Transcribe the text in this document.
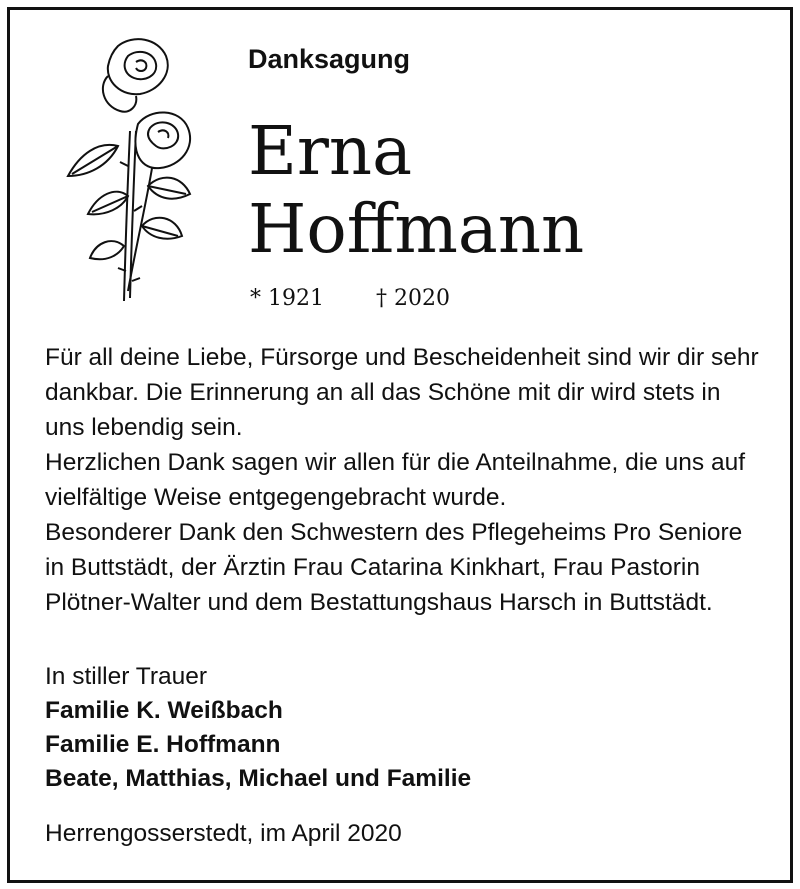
Danksagung
Erna
Hoffmann
* 1921 † 2020
Für all deine Liebe, Fürsorge und Bescheidenheit sind wir dir sehr dankbar. Die Erinnerung an all das Schöne mit dir wird stets in uns lebendig sein.
Herzlichen Dank sagen wir allen für die Anteilnahme, die uns auf vielfältige Weise entgegengebracht wurde.
Besonderer Dank den Schwestern des Pflegeheims Pro Seniore in Buttstädt, der Ärztin Frau Catarina Kinkhart, Frau Pastorin Plötner-Walter und dem Bestattungshaus Harsch in Buttstädt.
In stiller Trauer
Familie K. Weißbach
Familie E. Hoffmann
Beate, Matthias, Michael und Familie
Herrengosserstedt, im April 2020
